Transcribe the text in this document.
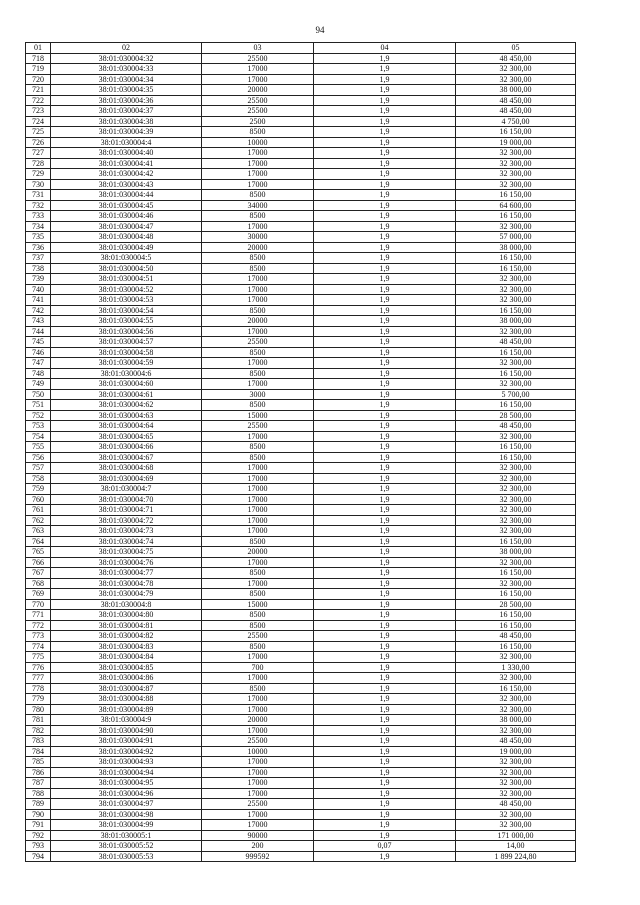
94
01	02	03	04	05
718	38:01:030004:32	25500	1,9	48 450,00
719	38:01:030004:33	17000	1,9	32 300,00
720	38:01:030004:34	17000	1,9	32 300,00
721	38:01:030004:35	20000	1,9	38 000,00
722	38:01:030004:36	25500	1,9	48 450,00
723	38:01:030004:37	25500	1,9	48 450,00
724	38:01:030004:38	2500	1,9	4 750,00
725	38:01:030004:39	8500	1,9	16 150,00
726	38:01:030004:4	10000	1,9	19 000,00
727	38:01:030004:40	17000	1,9	32 300,00
728	38:01:030004:41	17000	1,9	32 300,00
729	38:01:030004:42	17000	1,9	32 300,00
730	38:01:030004:43	17000	1,9	32 300,00
731	38:01:030004:44	8500	1,9	16 150,00
732	38:01:030004:45	34000	1,9	64 600,00
733	38:01:030004:46	8500	1,9	16 150,00
734	38:01:030004:47	17000	1,9	32 300,00
735	38:01:030004:48	30000	1,9	57 000,00
736	38:01:030004:49	20000	1,9	38 000,00
737	38:01:030004:5	8500	1,9	16 150,00
738	38:01:030004:50	8500	1,9	16 150,00
739	38:01:030004:51	17000	1,9	32 300,00
740	38:01:030004:52	17000	1,9	32 300,00
741	38:01:030004:53	17000	1,9	32 300,00
742	38:01:030004:54	8500	1,9	16 150,00
743	38:01:030004:55	20000	1,9	38 000,00
744	38:01:030004:56	17000	1,9	32 300,00
745	38:01:030004:57	25500	1,9	48 450,00
746	38:01:030004:58	8500	1,9	16 150,00
747	38:01:030004:59	17000	1,9	32 300,00
748	38:01:030004:6	8500	1,9	16 150,00
749	38:01:030004:60	17000	1,9	32 300,00
750	38:01:030004:61	3000	1,9	5 700,00
751	38:01:030004:62	8500	1,9	16 150,00
752	38:01:030004:63	15000	1,9	28 500,00
753	38:01:030004:64	25500	1,9	48 450,00
754	38:01:030004:65	17000	1,9	32 300,00
755	38:01:030004:66	8500	1,9	16 150,00
756	38:01:030004:67	8500	1,9	16 150,00
757	38:01:030004:68	17000	1,9	32 300,00
758	38:01:030004:69	17000	1,9	32 300,00
759	38:01:030004:7	17000	1,9	32 300,00
760	38:01:030004:70	17000	1,9	32 300,00
761	38:01:030004:71	17000	1,9	32 300,00
762	38:01:030004:72	17000	1,9	32 300,00
763	38:01:030004:73	17000	1,9	32 300,00
764	38:01:030004:74	8500	1,9	16 150,00
765	38:01:030004:75	20000	1,9	38 000,00
766	38:01:030004:76	17000	1,9	32 300,00
767	38:01:030004:77	8500	1,9	16 150,00
768	38:01:030004:78	17000	1,9	32 300,00
769	38:01:030004:79	8500	1,9	16 150,00
770	38:01:030004:8	15000	1,9	28 500,00
771	38:01:030004:80	8500	1,9	16 150,00
772	38:01:030004:81	8500	1,9	16 150,00
773	38:01:030004:82	25500	1,9	48 450,00
774	38:01:030004:83	8500	1,9	16 150,00
775	38:01:030004:84	17000	1,9	32 300,00
776	38:01:030004:85	700	1,9	1 330,00
777	38:01:030004:86	17000	1,9	32 300,00
778	38:01:030004:87	8500	1,9	16 150,00
779	38:01:030004:88	17000	1,9	32 300,00
780	38:01:030004:89	17000	1,9	32 300,00
781	38:01:030004:9	20000	1,9	38 000,00
782	38:01:030004:90	17000	1,9	32 300,00
783	38:01:030004:91	25500	1,9	48 450,00
784	38:01:030004:92	10000	1,9	19 000,00
785	38:01:030004:93	17000	1,9	32 300,00
786	38:01:030004:94	17000	1,9	32 300,00
787	38:01:030004:95	17000	1,9	32 300,00
788	38:01:030004:96	17000	1,9	32 300,00
789	38:01:030004:97	25500	1,9	48 450,00
790	38:01:030004:98	17000	1,9	32 300,00
791	38:01:030004:99	17000	1,9	32 300,00
792	38:01:030005:1	90000	1,9	171 000,00
793	38:01:030005:52	200	0,07	14,00
794	38:01:030005:53	999592	1,9	1 899 224,80
